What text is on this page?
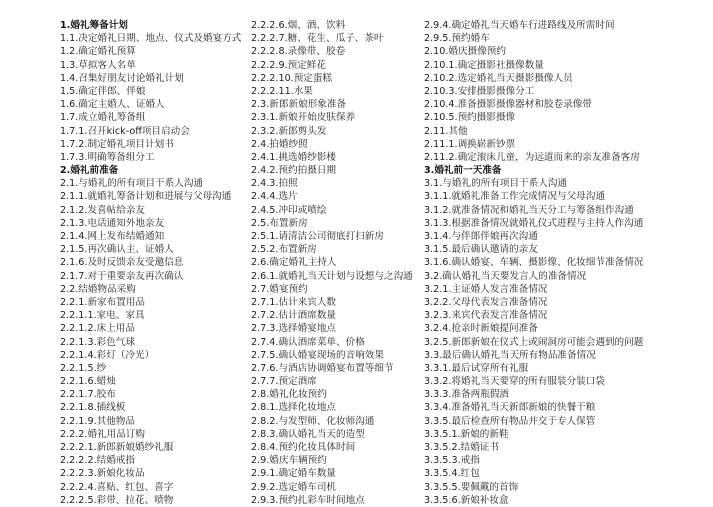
1.婚礼筹备计划
1.1.决定婚礼日期、地点、仪式及婚宴方式
1.2.确定婚礼预算
1.3.草拟客人名单
1.4.召集好朋友讨论婚礼计划
1.5.确定伴郎、伴娘
1.6.确定主婚人、证婚人
1.7.成立婚礼筹备组
1.7.1.召开kick-off项目启动会
1.7.2.制定婚礼项目计划书
1.7.3.明确筹备组分工
2.婚礼前准备
2.1.与婚礼的所有项目干系人沟通
2.1.1.就婚礼筹备计划和进展与父母沟通
2.1.2.发喜帖给亲友
2.1.3.电话通知外地亲友
2.1.4.网上发布结婚通知
2.1.5.再次确认主、证婚人
2.1.6.及时反馈亲友受邀信息
2.1.7.对于重要亲友再次确认
2.2.结婚物品采购
2.2.1.新家布置用品
2.2.1.1.家电、家具
2.2.1.2.床上用品
2.2.1.3.彩色气球
2.2.1.4.彩灯（冷光）
2.2.1.5.纱
2.2.1.6.蜡烛
2.2.1.7.胶布
2.2.1.8.插线板
2.2.1.9.其他物品
2.2.2.婚礼用品订购
2.2.2.1.新郎新娘婚纱礼服
2.2.2.2.结婚戒指
2.2.2.3.新娘化妆品
2.2.2.4.喜贴、红包、喜字
2.2.2.5.彩带、拉花、喷物
2.2.2.6.烟、酒、饮料
2.2.2.7.糖、花生、瓜子、茶叶
2.2.2.8.录像带、胶卷
2.2.2.9.预定鲜花
2.2.2.10.预定蛋糕
2.2.2.11.水果
2.3.新郎新娘形象准备
2.3.1.新娘开始皮肤保养
2.3.2.新郎剪头发
2.4.拍婚纱照
2.4.1.挑选婚纱影楼
2.4.2.预约拍摄日期
2.4.3.拍照
2.4.4.选片
2.4.5.冲印或喷绘
2.5.布置新房
2.5.1.请清洁公司彻底打扫新房
2.5.2.布置新房
2.6.确定婚礼主持人
2.6.1.就婚礼当天计划与设想与之沟通
2.7.婚宴预约
2.7.1.估计来宾人数
2.7.2.估计酒席数量
2.7.3.选择婚宴地点
2.7.4.确认酒席菜单、价格
2.7.5.确认婚宴现场的音响效果
2.7.6.与酒店协调婚宴布置等细节
2.7.7.预定酒席
2.8.婚礼化妆预约
2.8.1.选择化妆地点
2.8.2.与发型师、化妆师沟通
2.8.3.确认婚礼当天的造型
2.8.4.预约化妆具体时间
2.9.婚庆车辆预约
2.9.1.确定婚车数量
2.9.2.选定婚车司机
2.9.3.预约扎彩车时间地点
2.9.4.确定婚礼当天婚车行进路线及所需时间
2.9.5.预约婚车
2.10.婚庆摄像预约
2.10.1.确定摄影社摄像数量
2.10.2.选定婚礼当天摄影摄像人员
2.10.3.安排摄影摄像分工
2.10.4.准备摄影摄像器材和胶卷录像带
2.10.5.预约摄影摄像
2.11.其他
2.11.1.调换崭新钞票
2.11.2.确定滚床儿童，为远道而来的亲友准备客房
3.婚礼前一天准备
3.1.与婚礼的所有项目干系人沟通
3.1.1.就婚礼准备工作完成情况与父母沟通
3.1.2.就准备情况和婚礼当天分工与筹备组作沟通
3.1.3.根据准备情况就婚礼仪式进程与主持人作沟通
3.1.4.与伴郎伴娘再次沟通
3.1.5.最后确认邀请的亲友
3.1.6.确认婚宴、车辆、摄影像、化妆细节准备情况
3.2.确认婚礼当天要发言人的准备情况
3.2.1.主证婚人发言准备情况
3.2.2.父母代表发言准备情况
3.2.3.来宾代表发言准备情况
3.2.4.抢亲时新娘提问准备
3.2.5.新郎新娘在仪式上或闹洞房可能会遇到的问题
3.3.最后确认婚礼当天所有物品准备情况
3.3.1.最后试穿所有礼服
3.3.2.将婚礼当天要穿的所有服装分装口袋
3.3.3.准备两瓶假酒
3.3.4.准备婚礼当天新郎新娘的快餐干粮
3.3.5.最后检查所有物品并交于专人保管
3.3.5.1.新娘的新鞋
3.3.5.2.结婚证书
3.3.5.3.戒指
3.3.5.4.红包
3.3.5.5.要佩戴的首饰
3.3.5.6.新娘补妆盒
